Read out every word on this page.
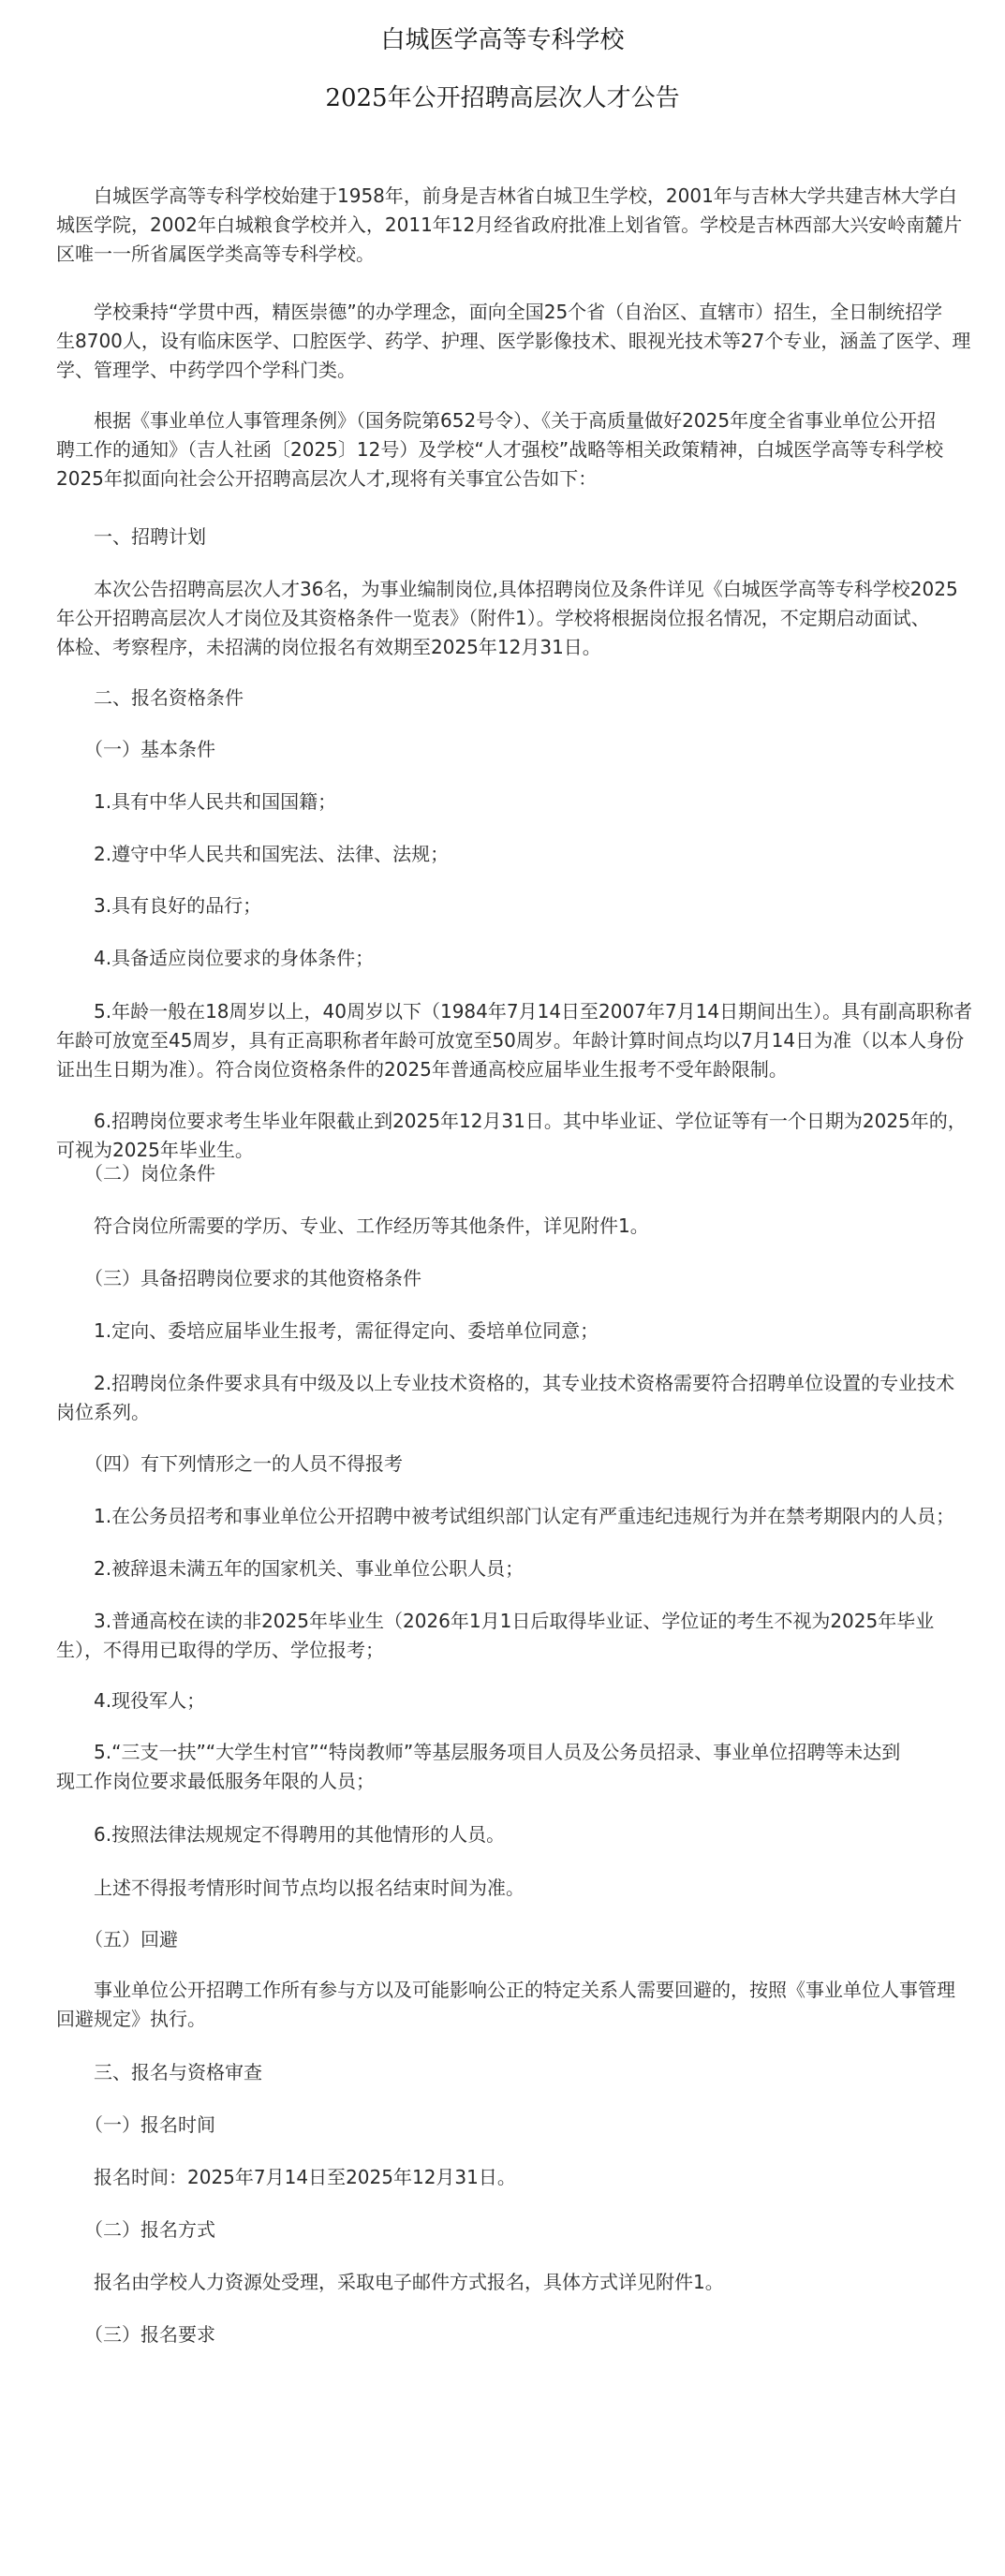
白城医学高等专科学校
2025年公开招聘高层次人才公告

　　白城医学高等专科学校始建于1958年，前身是吉林省白城卫生学校，2001年与吉林大学共建吉林大学白
城医学院，2002年白城粮食学校并入，2011年12月经省政府批准上划省管。学校是吉林西部大兴安岭南麓片
区唯一一所省属医学类高等专科学校。

　　学校秉持“学贯中西，精医崇德”的办学理念，面向全国25个省（自治区、直辖市）招生，全日制统招学
生8700人，设有临床医学、口腔医学、药学、护理、医学影像技术、眼视光技术等27个专业，涵盖了医学、理
学、管理学、中药学四个学科门类。

　　根据《事业单位人事管理条例》（国务院第652号令）、《关于高质量做好2025年度全省事业单位公开招
聘工作的通知》（吉人社函〔2025〕12号）及学校“人才强校”战略等相关政策精神，白城医学高等专科学校
2025年拟面向社会公开招聘高层次人才,现将有关事宜公告如下：

　　一、招聘计划

　　本次公告招聘高层次人才36名，为事业编制岗位,具体招聘岗位及条件详见《白城医学高等专科学校2025
年公开招聘高层次人才岗位及其资格条件一览表》（附件1）。学校将根据岗位报名情况，不定期启动面试、
体检、考察程序，未招满的岗位报名有效期至2025年12月31日。

　　二、报名资格条件

　　（一）基本条件

　　1.具有中华人民共和国国籍；

　　2.遵守中华人民共和国宪法、法律、法规；

　　3.具有良好的品行；

　　4.具备适应岗位要求的身体条件；

　　5.年龄一般在18周岁以上，40周岁以下（1984年7月14日至2007年7月14日期间出生）。具有副高职称者
年龄可放宽至45周岁，具有正高职称者年龄可放宽至50周岁。年龄计算时间点均以7月14日为准（以本人身份
证出生日期为准）。符合岗位资格条件的2025年普通高校应届毕业生报考不受年龄限制。

　　6.招聘岗位要求考生毕业年限截止到2025年12月31日。其中毕业证、学位证等有一个日期为2025年的，
可视为2025年毕业生。

　　（二）岗位条件

　　符合岗位所需要的学历、专业、工作经历等其他条件，详见附件1。

　　（三）具备招聘岗位要求的其他资格条件

　　1.定向、委培应届毕业生报考，需征得定向、委培单位同意；

　　2.招聘岗位条件要求具有中级及以上专业技术资格的，其专业技术资格需要符合招聘单位设置的专业技术
岗位系列。

　　（四）有下列情形之一的人员不得报考

　　1.在公务员招考和事业单位公开招聘中被考试组织部门认定有严重违纪违规行为并在禁考期限内的人员；

　　2.被辞退未满五年的国家机关、事业单位公职人员；

　　3.普通高校在读的非2025年毕业生（2026年1月1日后取得毕业证、学位证的考生不视为2025年毕业
生），不得用已取得的学历、学位报考；

　　4.现役军人；

　　5.“三支一扶”“大学生村官”“特岗教师”等基层服务项目人员及公务员招录、事业单位招聘等未达到
现工作岗位要求最低服务年限的人员；

　　6.按照法律法规规定不得聘用的其他情形的人员。

　　上述不得报考情形时间节点均以报名结束时间为准。

　　（五）回避

　　事业单位公开招聘工作所有参与方以及可能影响公正的特定关系人需要回避的，按照《事业单位人事管理
回避规定》执行。

　　三、报名与资格审查

　　（一）报名时间

　　报名时间：2025年7月14日至2025年12月31日。

　　（二）报名方式

　　报名由学校人力资源处受理，采取电子邮件方式报名，具体方式详见附件1。

　　（三）报名要求
